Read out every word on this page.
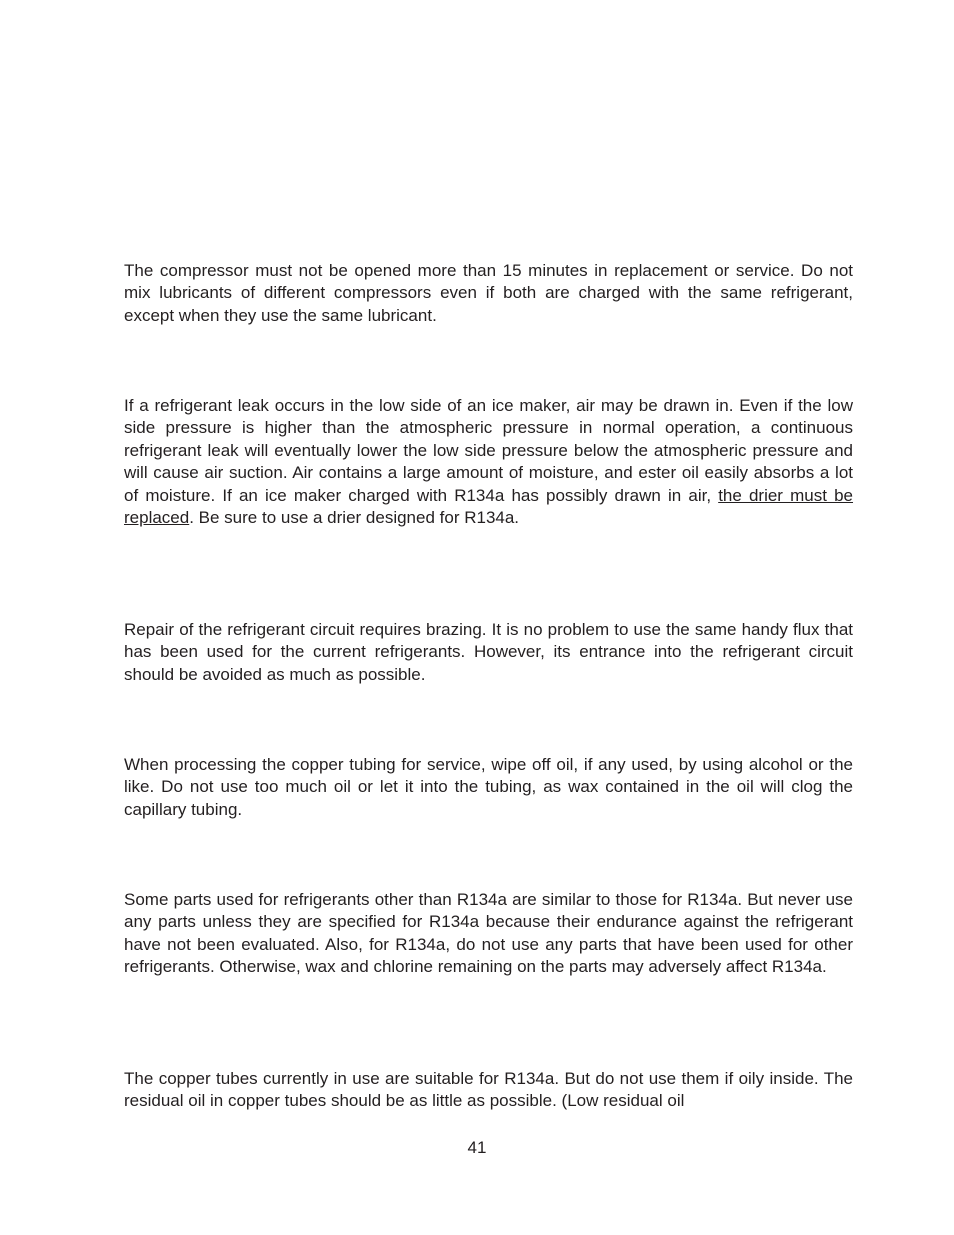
The compressor must not be opened more than 15 minutes in replacement or service. Do not mix lubricants of different compressors even if both are charged with the same refrigerant, except when they use the same lubricant.

If a refrigerant leak occurs in the low side of an ice maker, air may be drawn in. Even if the low side pressure is higher than the atmospheric pressure in normal operation, a continuous refrigerant leak will eventually lower the low side pressure below the atmospheric pressure and will cause air suction. Air contains a large amount of moisture, and ester oil easily absorbs a lot of moisture. If an ice maker charged with R134a has possibly drawn in air, the drier must be replaced. Be sure to use a drier designed for R134a.

Repair of the refrigerant circuit requires brazing. It is no problem to use the same handy flux that has been used for the current refrigerants. However, its entrance into the refrigerant circuit should be avoided as much as possible.

When processing the copper tubing for service, wipe off oil, if any used, by using alcohol or the like. Do not use too much oil or let it into the tubing, as wax contained in the oil will clog the capillary tubing.

Some parts used for refrigerants other than R134a are similar to those for R134a. But never use any parts unless they are specified for R134a because their endurance against the refrigerant have not been evaluated. Also, for R134a, do not use any parts that have been used for other refrigerants. Otherwise, wax and chlorine remaining on the parts may adversely affect R134a.

The copper tubes currently in use are suitable for R134a. But do not use them if oily inside. The residual oil in copper tubes should be as little as possible. (Low residual oil

41
